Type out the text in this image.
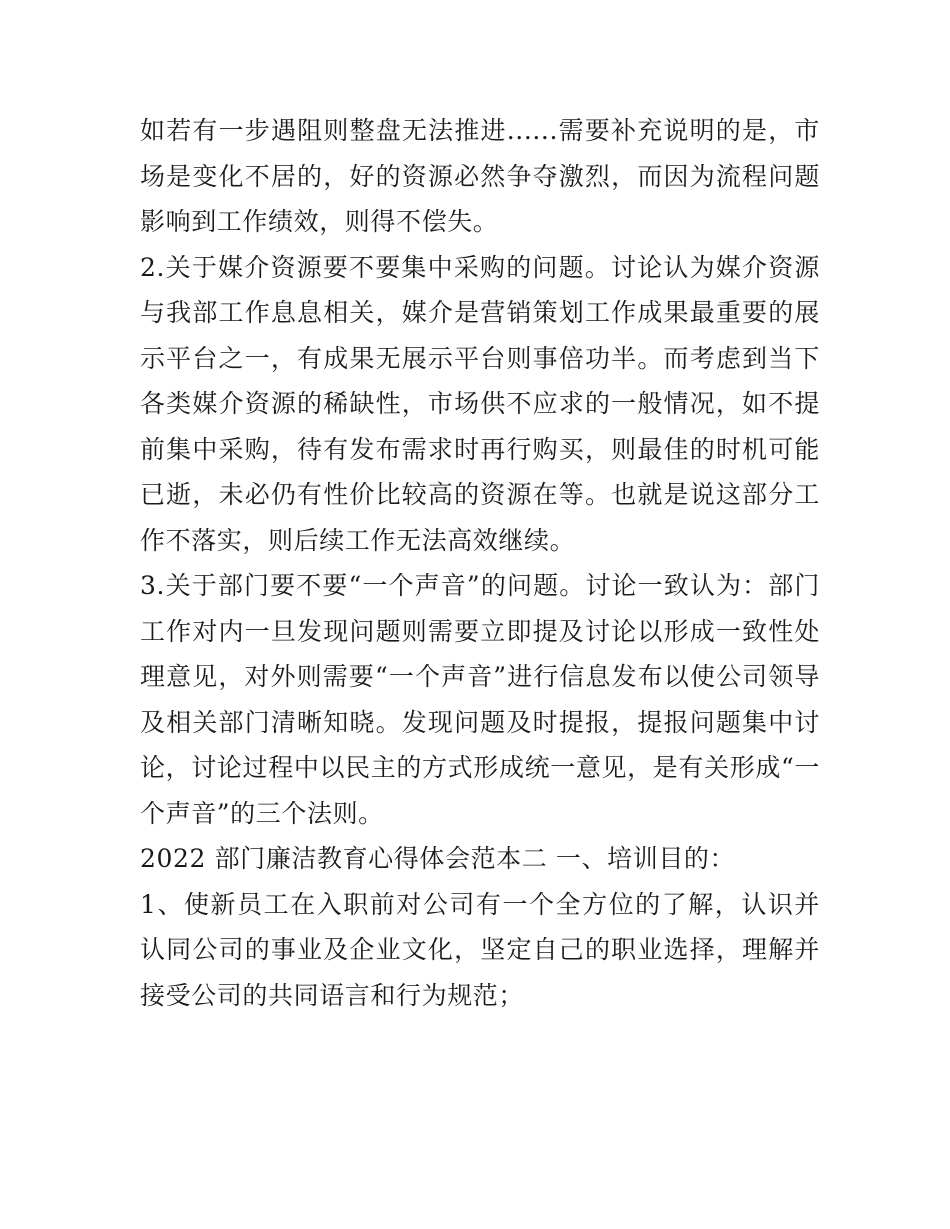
如若有一步遇阻则整盘无法推进......需要补充说明的是，市场是变化不居的，好的资源必然争夺激烈，而因为流程问题影响到工作绩效，则得不偿失。

2.关于媒介资源要不要集中采购的问题。讨论认为媒介资源与我部工作息息相关，媒介是营销策划工作成果最重要的展示平台之一，有成果无展示平台则事倍功半。而考虑到当下各类媒介资源的稀缺性，市场供不应求的一般情况，如不提前集中采购，待有发布需求时再行购买，则最佳的时机可能已逝，未必仍有性价比较高的资源在等。也就是说这部分工作不落实，则后续工作无法高效继续。

3.关于部门要不要“一个声音”的问题。讨论一致认为：部门工作对内一旦发现问题则需要立即提及讨论以形成一致性处理意见，对外则需要“一个声音”进行信息发布以使公司领导及相关部门清晰知晓。发现问题及时提报，提报问题集中讨论，讨论过程中以民主的方式形成统一意见，是有关形成“一个声音”的三个法则。

2022 部门廉洁教育心得体会范本二 一、培训目的：

1、使新员工在入职前对公司有一个全方位的了解，认识并认同公司的事业及企业文化，坚定自己的职业选择，理解并接受公司的共同语言和行为规范；
